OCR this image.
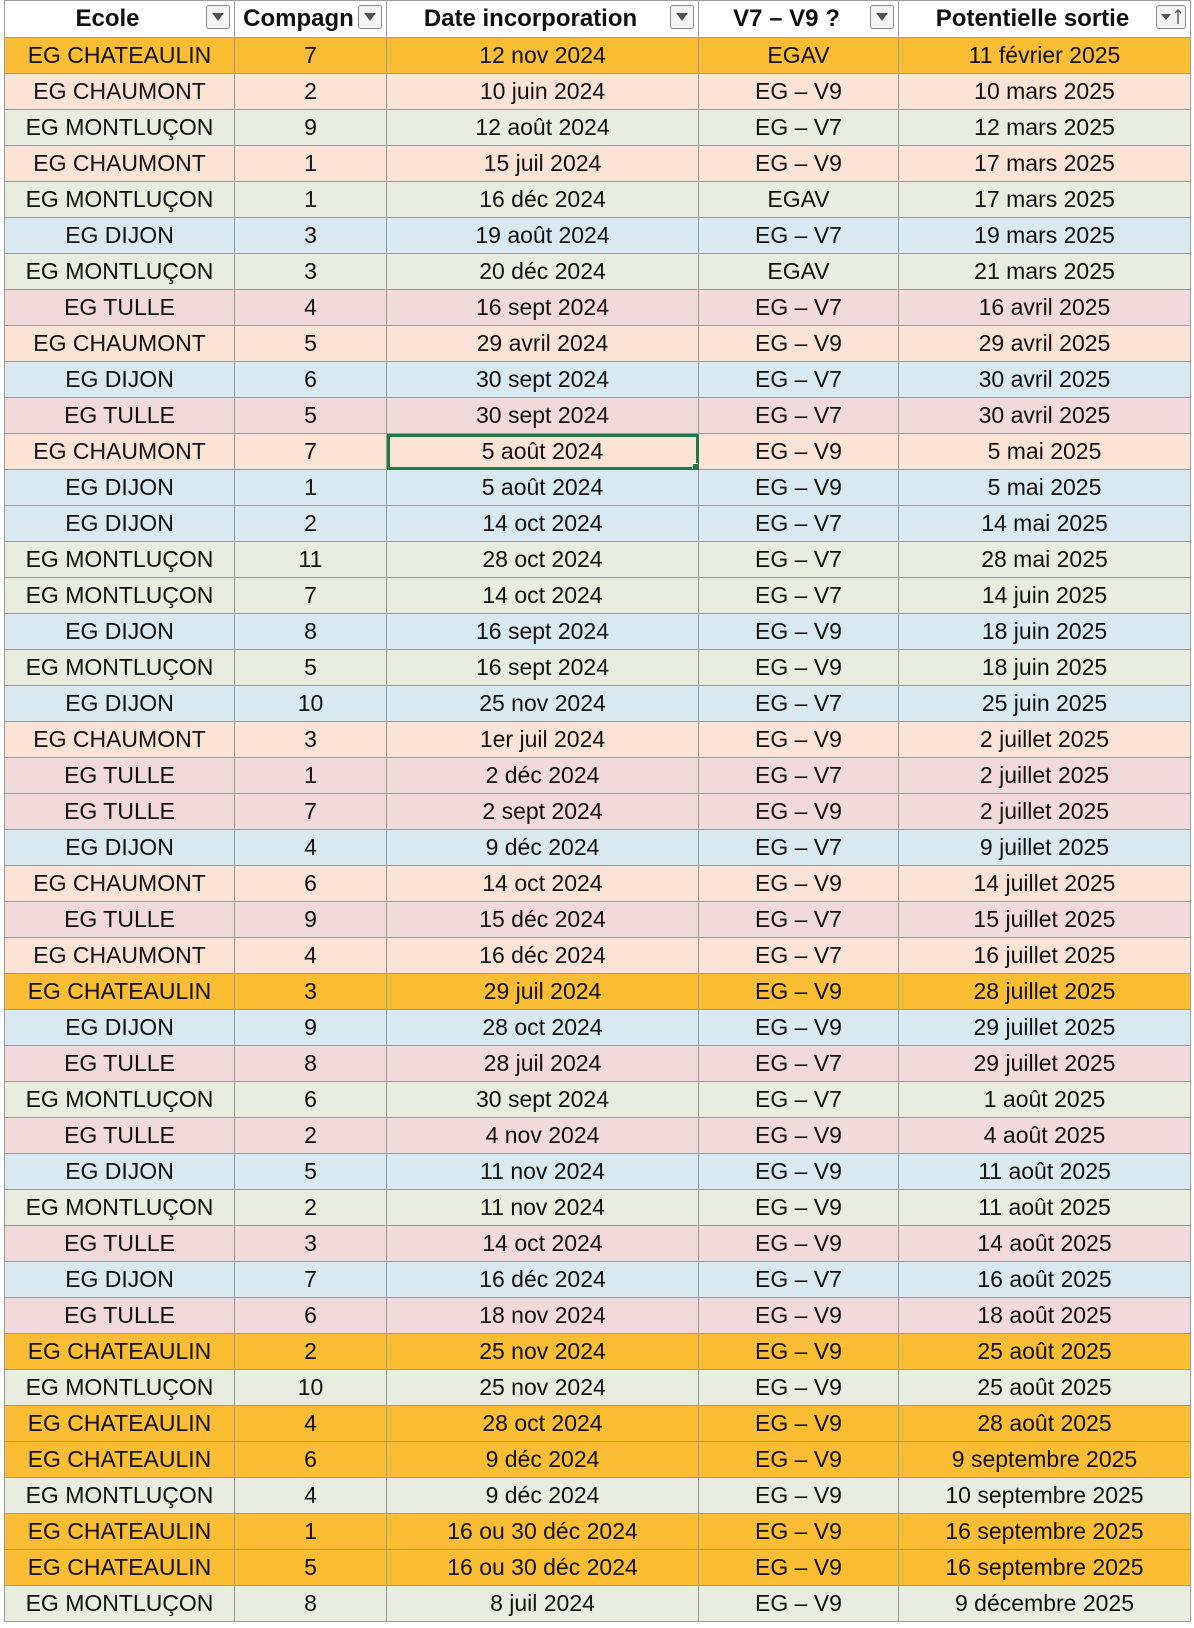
Ecole	Compagn	Date incorporation	V7 – V9 ?	Potentielle sortie

EG CHATEAULIN	7	12 nov 2024	EGAV	11 février 2025
EG CHAUMONT	2	10 juin 2024	EG – V9	10 mars 2025
EG MONTLUÇON	9	12 août 2024	EG – V7	12 mars 2025
EG CHAUMONT	1	15 juil 2024	EG – V9	17 mars 2025
EG MONTLUÇON	1	16 déc 2024	EGAV	17 mars 2025
EG DIJON	3	19 août 2024	EG – V7	19 mars 2025
EG MONTLUÇON	3	20 déc 2024	EGAV	21 mars 2025
EG TULLE	4	16 sept 2024	EG – V7	16 avril 2025
EG CHAUMONT	5	29 avril 2024	EG – V9	29 avril 2025
EG DIJON	6	30 sept 2024	EG – V7	30 avril 2025
EG TULLE	5	30 sept 2024	EG – V7	30 avril 2025
EG CHAUMONT	7	5 août 2024	EG – V9	5 mai 2025
EG DIJON	1	5 août 2024	EG – V9	5 mai 2025
EG DIJON	2	14 oct 2024	EG – V7	14 mai 2025
EG MONTLUÇON	11	28 oct 2024	EG – V7	28 mai 2025
EG MONTLUÇON	7	14 oct 2024	EG – V7	14 juin 2025
EG DIJON	8	16 sept 2024	EG – V9	18 juin 2025
EG MONTLUÇON	5	16 sept 2024	EG – V9	18 juin 2025
EG DIJON	10	25 nov 2024	EG – V7	25 juin 2025
EG CHAUMONT	3	1er juil 2024	EG – V9	2 juillet 2025
EG TULLE	1	2 déc 2024	EG – V7	2 juillet 2025
EG TULLE	7	2 sept 2024	EG – V9	2 juillet 2025
EG DIJON	4	9 déc 2024	EG – V7	9 juillet 2025
EG CHAUMONT	6	14 oct 2024	EG – V9	14 juillet 2025
EG TULLE	9	15 déc 2024	EG – V7	15 juillet 2025
EG CHAUMONT	4	16 déc 2024	EG – V7	16 juillet 2025
EG CHATEAULIN	3	29 juil 2024	EG – V9	28 juillet 2025
EG DIJON	9	28 oct 2024	EG – V9	29 juillet 2025
EG TULLE	8	28 juil 2024	EG – V7	29 juillet 2025
EG MONTLUÇON	6	30 sept 2024	EG – V7	1 août 2025
EG TULLE	2	4 nov 2024	EG – V9	4 août 2025
EG DIJON	5	11 nov 2024	EG – V9	11 août 2025
EG MONTLUÇON	2	11 nov 2024	EG – V9	11 août 2025
EG TULLE	3	14 oct 2024	EG – V9	14 août 2025
EG DIJON	7	16 déc 2024	EG – V7	16 août 2025
EG TULLE	6	18 nov 2024	EG – V9	18 août 2025
EG CHATEAULIN	2	25 nov 2024	EG – V9	25 août 2025
EG MONTLUÇON	10	25 nov 2024	EG – V9	25 août 2025
EG CHATEAULIN	4	28 oct 2024	EG – V9	28 août 2025
EG CHATEAULIN	6	9 déc 2024	EG – V9	9 septembre 2025
EG MONTLUÇON	4	9 déc 2024	EG – V9	10 septembre 2025
EG CHATEAULIN	1	16 ou 30 déc 2024	EG – V9	16 septembre 2025
EG CHATEAULIN	5	16 ou 30 déc 2024	EG – V9	16 septembre 2025
EG MONTLUÇON	8	8 juil 2024	EG – V9	9 décembre 2025
